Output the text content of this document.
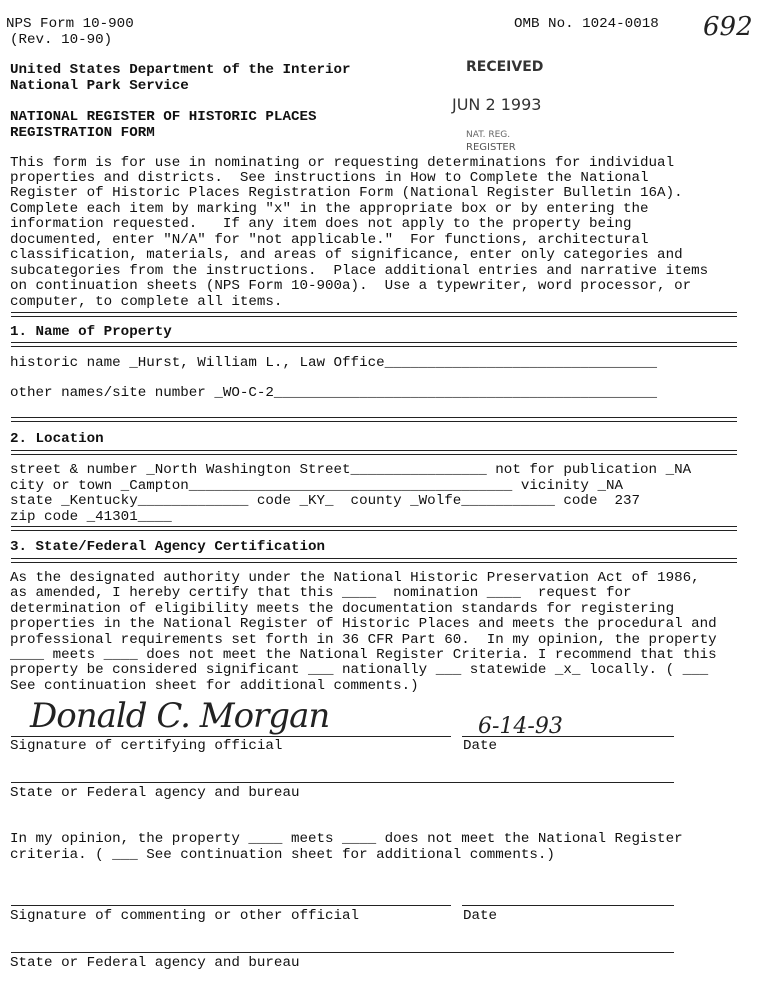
NPS Form 10-900
(Rev. 10-90)
OMB No. 1024-0018 692
United States Department of the Interior
National Park Service
NATIONAL REGISTER OF HISTORIC PLACES
REGISTRATION FORM
RECEIVED
JUN 2 1993
NAT. REG.
REGISTER
This form is for use in nominating or requesting determinations for individual
properties and districts.  See instructions in How to Complete the National
Register of Historic Places Registration Form (National Register Bulletin 16A).
Complete each item by marking "x" in the appropriate box or by entering the
information requested.   If any item does not apply to the property being
documented, enter "N/A" for "not applicable."  For functions, architectural
classification, materials, and areas of significance, enter only categories and
subcategories from the instructions.  Place additional entries and narrative items
on continuation sheets (NPS Form 10-900a).  Use a typewriter, word processor, or
computer, to complete all items.
1. Name of Property
historic name _Hurst, William L., Law Office________________________________
other names/site number _WO-C-2_____________________________________________
2. Location
street & number _North Washington Street________________ not for publication _NA
city or town _Campton______________________________________ vicinity _NA
state _Kentucky_____________ code _KY_  county _Wolfe___________ code  237
zip code _41301____
3. State/Federal Agency Certification
As the designated authority under the National Historic Preservation Act of 1986,
as amended, I hereby certify that this ____  nomination ____  request for
determination of eligibility meets the documentation standards for registering
properties in the National Register of Historic Places and meets the procedural and
professional requirements set forth in 36 CFR Part 60.  In my opinion, the property
____ meets ____ does not meet the National Register Criteria. I recommend that this
property be considered significant ___ nationally ___ statewide _x_ locally. ( ___
See continuation sheet for additional comments.)
Donald C. Morgan	6-14-93
Signature of certifying official	Date
State or Federal agency and bureau
In my opinion, the property ____ meets ____ does not meet the National Register
criteria. ( ___ See continuation sheet for additional comments.)
Signature of commenting or other official	Date
State or Federal agency and bureau
